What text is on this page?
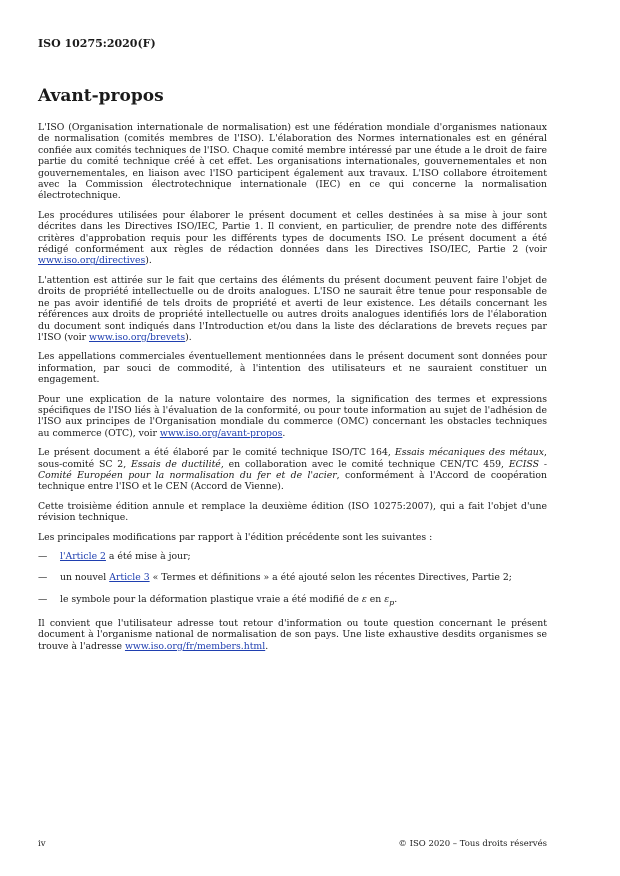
ISO 10275:2020(F)
Avant-propos

L'ISO (Organisation internationale de normalisation) est une fédération mondiale d'organismes nationaux de normalisation (comités membres de l'ISO). L'élaboration des Normes internationales est en général confiée aux comités techniques de l'ISO. Chaque comité membre intéressé par une étude a le droit de faire partie du comité technique créé à cet effet. Les organisations internationales, gouvernementales et non gouvernementales, en liaison avec l'ISO participent également aux travaux. L'ISO collabore étroitement avec la Commission électrotechnique internationale (IEC) en ce qui concerne la normalisation électrotechnique.

Les procédures utilisées pour élaborer le présent document et celles destinées à sa mise à jour sont décrites dans les Directives ISO/IEC, Partie 1. Il convient, en particulier, de prendre note des différents critères d'approbation requis pour les différents types de documents ISO. Le présent document a été rédigé conformément aux règles de rédaction données dans les Directives ISO/IEC, Partie 2 (voir www.iso.org/directives).

L'attention est attirée sur le fait que certains des éléments du présent document peuvent faire l'objet de droits de propriété intellectuelle ou de droits analogues. L'ISO ne saurait être tenue pour responsable de ne pas avoir identifié de tels droits de propriété et averti de leur existence. Les détails concernant les références aux droits de propriété intellectuelle ou autres droits analogues identifiés lors de l'élaboration du document sont indiqués dans l'Introduction et/ou dans la liste des déclarations de brevets reçues par l'ISO (voir www.iso.org/brevets).

Les appellations commerciales éventuellement mentionnées dans le présent document sont données pour information, par souci de commodité, à l'intention des utilisateurs et ne sauraient constituer un engagement.

Pour une explication de la nature volontaire des normes, la signification des termes et expressions spécifiques de l'ISO liés à l'évaluation de la conformité, ou pour toute information au sujet de l'adhésion de l'ISO aux principes de l'Organisation mondiale du commerce (OMC) concernant les obstacles techniques au commerce (OTC), voir www.iso.org/avant-propos.

Le présent document a été élaboré par le comité technique ISO/TC 164, Essais mécaniques des métaux, sous-comité SC 2, Essais de ductilité, en collaboration avec le comité technique CEN/TC 459, ECISS - Comité Européen pour la normalisation du fer et de l'acier, conformément à l'Accord de coopération technique entre l'ISO et le CEN (Accord de Vienne).

Cette troisième édition annule et remplace la deuxième édition (ISO 10275:2007), qui a fait l'objet d'une révision technique.

Les principales modifications par rapport à l'édition précédente sont les suivantes :

—	l'Article 2 a été mise à jour;
—	un nouvel Article 3 « Termes et définitions » a été ajouté selon les récentes Directives, Partie 2;
—	le symbole pour la déformation plastique vraie a été modifié de ε en $\varepsilon_p$.

Il convient que l'utilisateur adresse tout retour d'information ou toute question concernant le présent document à l'organisme national de normalisation de son pays. Une liste exhaustive desdits organismes se trouve à l'adresse www.iso.org/fr/members.html.

iv	© ISO 2020 – Tous droits réservés
